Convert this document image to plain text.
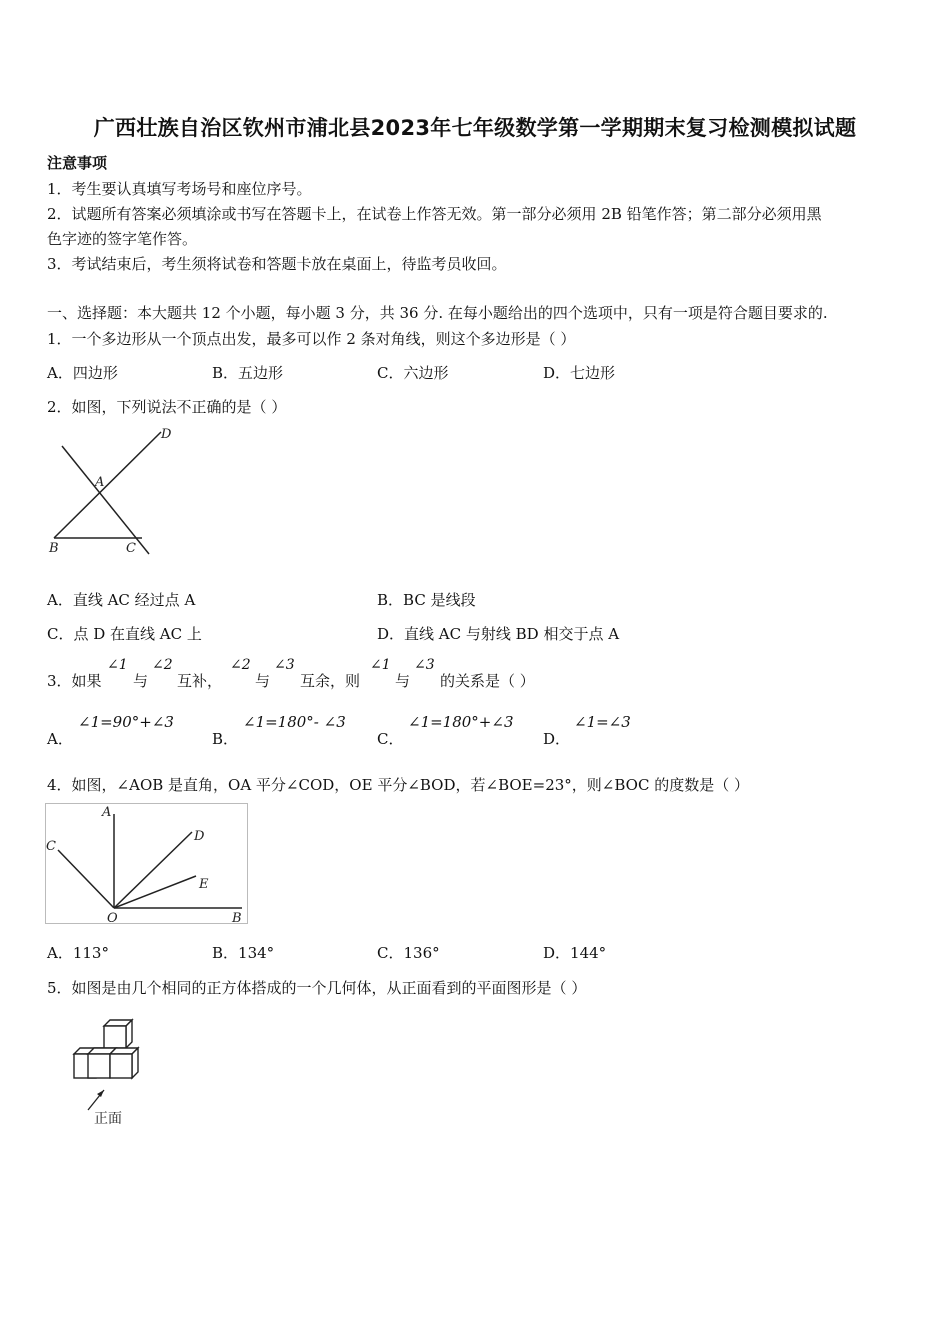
广西壮族自治区钦州市浦北县2023年七年级数学第一学期期末复习检测模拟试题
注意事项
1．考生要认真填写考场号和座位序号。
2．试题所有答案必须填涂或书写在答题卡上，在试卷上作答无效。第一部分必须用 2B 铅笔作答；第二部分必须用黑
色字迹的签字笔作答。
3．考试结束后，考生须将试卷和答题卡放在桌面上，待监考员收回。
一、选择题：本大题共 12 个小题，每小题 3 分，共 36 分. 在每小题给出的四个选项中，只有一项是符合题目要求的.
1．一个多边形从一个顶点出发，最多可以作 2 条对角线，则这个多边形是（ ）
A．四边形	B．五边形	C．六边形	D．七边形
2．如图，下列说法不正确的是（ ）
D
A
B	C
A．直线 AC 经过点 A	B．BC 是线段
C．点 D 在直线 AC 上	D．直线 AC 与射线 BD 相交于点 A
3．如果
∠1
与
∠2
互补，
∠2
与
∠3
互余，则
∠1
与
∠3
的关系是（ ）
A．
∠1=90°+∠3
B．
∠1=180°- ∠3
C．
∠1=180°+∠3
D．
∠1=∠3
4．如图，∠AOB 是直角，OA 平分∠COD，OE 平分∠BOD，若∠BOE=23°，则∠BOC 的度数是（ ）
A
C
D
E
O	B
A．113°	B．134°	C．136°	D．144°
5．如图是由几个相同的正方体搭成的一个几何体，从正面看到的平面图形是（ ）
正面
